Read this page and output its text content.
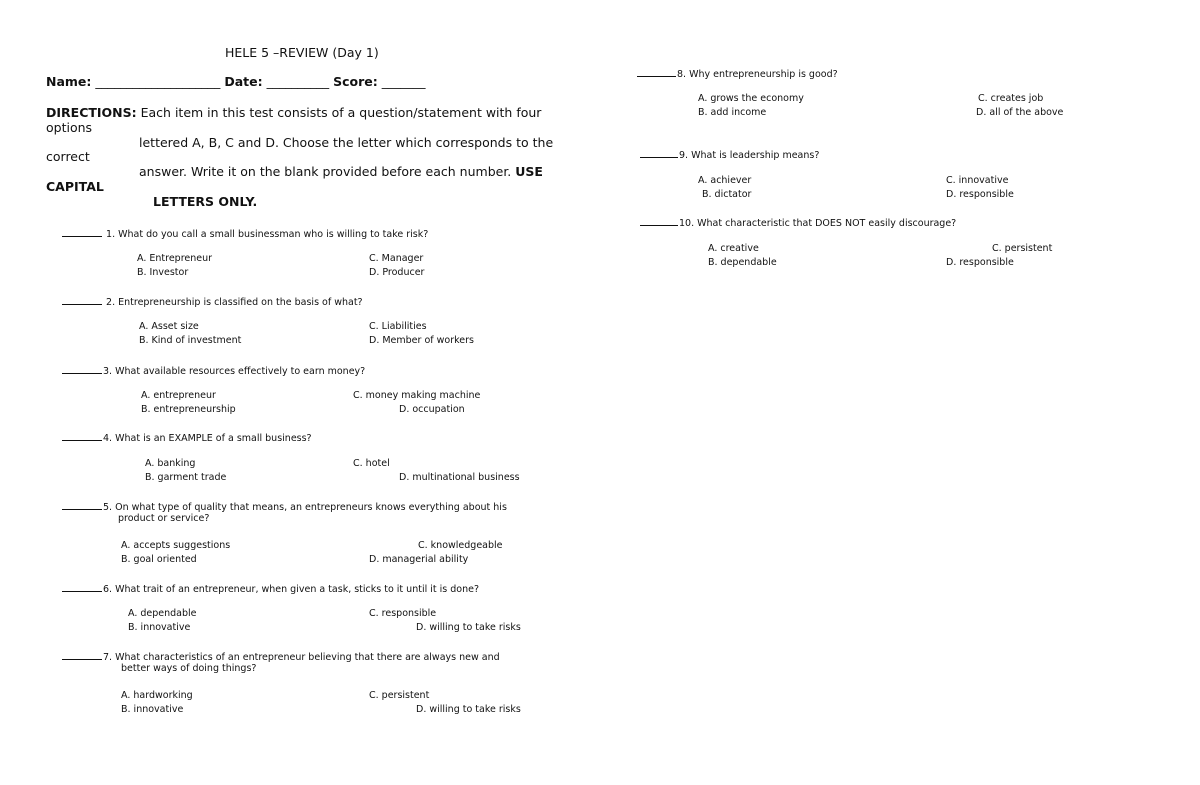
HELE 5 –REVIEW (Day 1)
Name: ____________________ Date: __________ Score: _______
DIRECTIONS: Each item in this test consists of a question/statement with four
options
lettered A, B, C and D. Choose the letter which corresponds to the
correct
answer. Write it on the blank provided before each number. USE
CAPITAL
LETTERS ONLY.
1. What do you call a small businessman who is willing to take risk?
A. Entrepreneur
B. Investor
C. Manager
D. Producer
2. Entrepreneurship is classified on the basis of what?
A. Asset size
B. Kind of investment
C. Liabilities
D. Member of workers
3. What available resources effectively to earn money?
A. entrepreneur
B. entrepreneurship
C. money making machine
D. occupation
4. What is an EXAMPLE of a small business?
A. banking
B. garment trade
C. hotel
D. multinational business
5. On what type of quality that means, an entrepreneurs knows everything about his
product or service?
A. accepts suggestions
B. goal oriented
C. knowledgeable
D. managerial ability
6. What trait of an entrepreneur, when given a task, sticks to it until it is done?
A. dependable
B. innovative
C. responsible
D. willing to take risks
7. What characteristics of an entrepreneur believing that there are always new and
better ways of doing things?
A. hardworking
B. innovative
C. persistent
D. willing to take risks
8. Why entrepreneurship is good?
A. grows the economy
B. add income
C. creates job
D. all of the above
9. What is leadership means?
A. achiever
B. dictator
C. innovative
D. responsible
10. What characteristic that DOES NOT easily discourage?
A. creative
B. dependable
C. persistent
D. responsible
